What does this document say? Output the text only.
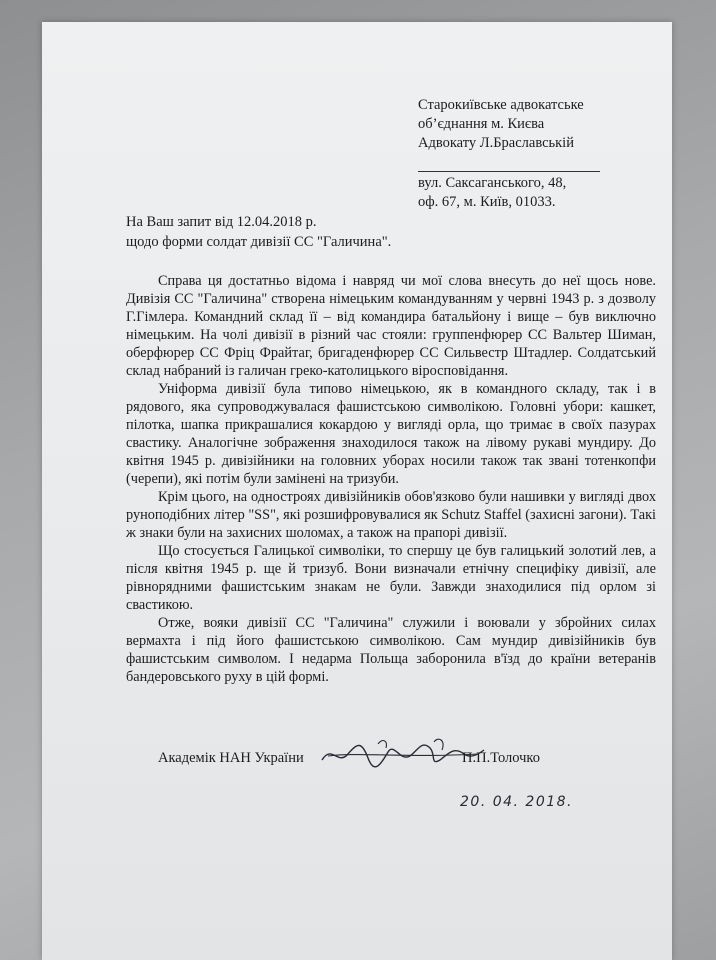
Старокиївське адвокатське
об’єднання м. Києва
Адвокату Л.Браславській
вул. Саксаганського, 48,
оф. 67, м. Київ, 01033.
На Ваш запит від 12.04.2018 р.
щодо форми солдат дивізії СС "Галичина".

Справа ця достатньо відома і навряд чи мої слова внесуть до неї щось нове. Дивізія СС "Галичина" створена німецьким командуванням у червні 1943 р. з дозволу Г.Гімлера. Командний склад її – від командира батальйону і вище – був виключно німецьким. На чолі дивізії в різний час стояли: группенфюрер СС Вальтер Шиман, оберфюрер СС Фріц Фрайтаг, бригаденфюрер СС Сильвестр Штадлер. Солдатський склад набраний із галичан греко-католицького віросповідання.

Уніформа дивізії була типово німецькою, як в командного складу, так і в рядового, яка супроводжувалася фашистською символікою. Головні убори: кашкет, пілотка, шапка прикрашалися кокардою у вигляді орла, що тримає в своїх пазурах свастику. Аналогічне зображення знаходилося також на лівому рукаві мундиру. До квітня 1945 р. дивізійники на головних уборах носили також так звані тотенкопфи (черепи), які потім були замінені на тризуби.

Крім цього, на одностроях дивізійників обов'язково були нашивки у вигляді двох руноподібних літер "SS", які розшифровувалися як Schutz Staffel (захисні загони). Такі ж знаки були на захисних шоломах, а також на прапорі дивізії.

Що стосується Галицької символіки, то спершу це був галицький золотий лев, а після квітня 1945 р. ще й тризуб. Вони визначали етнічну специфіку дивізії, але рівнорядними фашистським знакам не були. Завжди знаходилися під орлом зі свастикою.

Отже, вояки дивізії СС "Галичина" служили і воювали у збройних силах вермахта і під його фашистською символікою. Сам мундир дивізійників був фашистським символом. І недарма Польща заборонила в'їзд до країни ветеранів бандеровського руху в цій формі.

Академік НАН України	П.П.Толочко
20. 04. 2018.
